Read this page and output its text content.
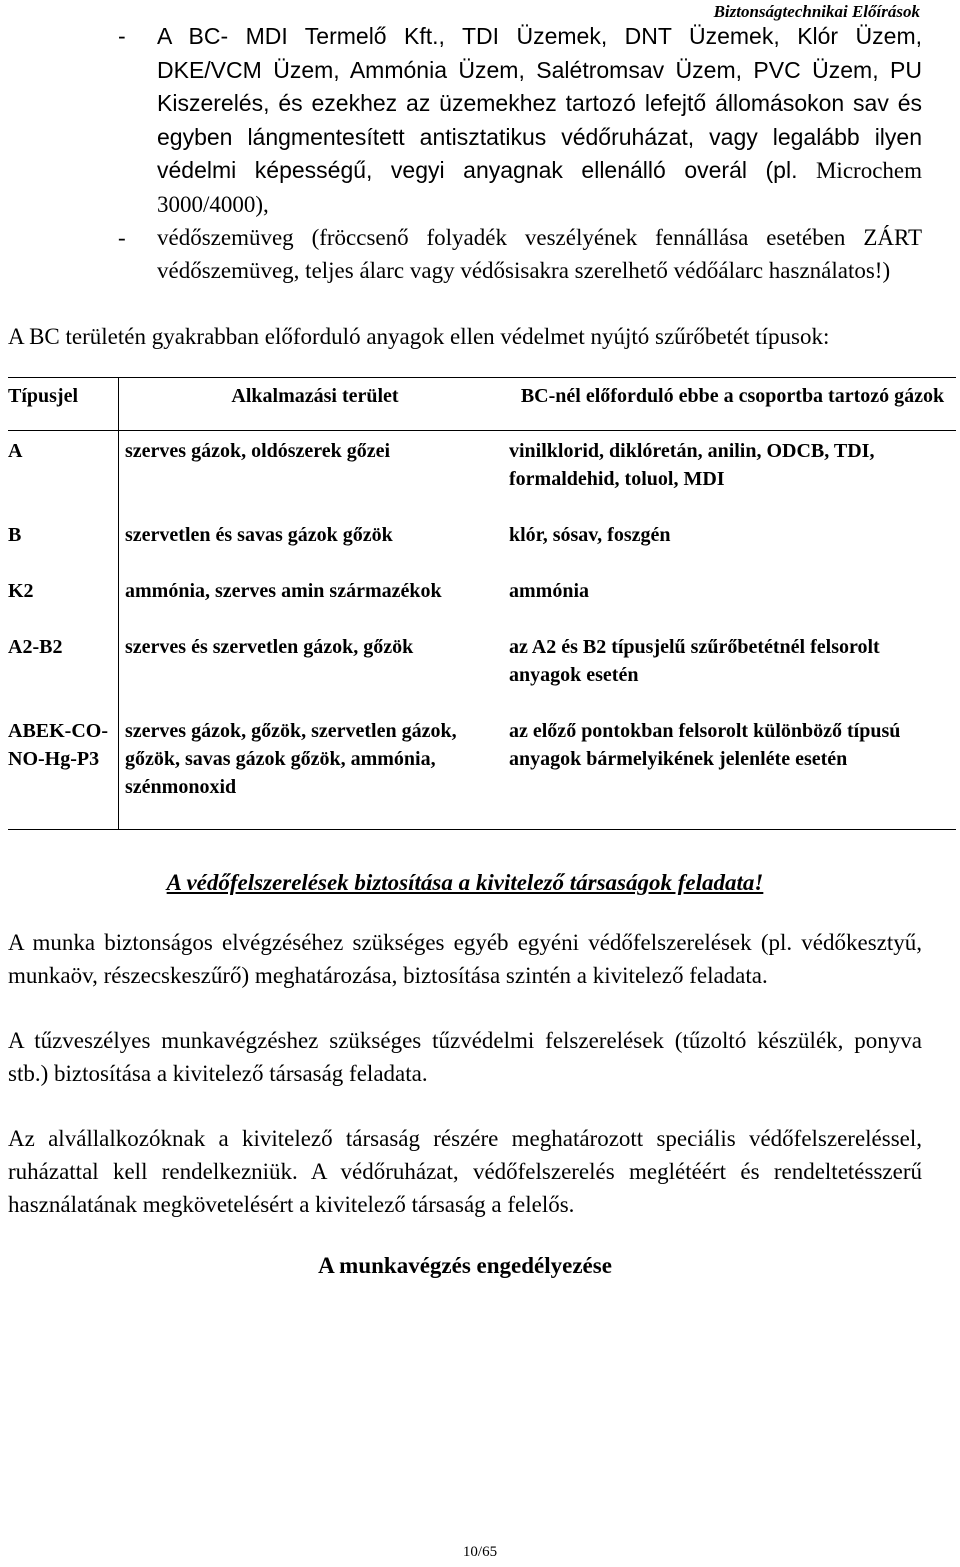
Biztonságtechnikai Előírások
- A BC- MDI Termelő Kft., TDI Üzemek, DNT Üzemek, Klór Üzem, DKE/VCM Üzem, Ammónia Üzem, Salétromsav Üzem, PVC Üzem, PU Kiszerelés, és ezekhez az üzemekhez tartozó lefejtő állomásokon sav és egyben lángmentesített antisztatikus védőruházat, vagy legalább ilyen védelmi képességű, vegyi anyagnak ellenálló overál (pl. Microchem 3000/4000),
- védőszemüveg (fröccsenő folyadék veszélyének fennállása esetében ZÁRT védőszemüveg, teljes álarc vagy védősisakra szerelhető védőálarc használatos!)

A BC területén gyakrabban előforduló anyagok ellen védelmet nyújtó szűrőbetét típusok:

Típusjel	Alkalmazási terület	BC-nél előforduló ebbe a csoportba tartozó gázok
A	szerves gázok, oldószerek gőzei	vinilklorid, diklóretán, anilin, ODCB, TDI, formaldehid, toluol, MDI
B	szervetlen és savas gázok gőzök	klór, sósav, foszgén
K2	ammónia, szerves amin származékok	ammónia
A2-B2	szerves és szervetlen gázok, gőzök	az A2 és B2 típusjelű szűrőbetétnél felsorolt anyagok esetén
ABEK-CO-NO-Hg-P3	szerves gázok, gőzök, szervetlen gázok, gőzök, savas gázok gőzök, ammónia, szénmonoxid	az előző pontokban felsorolt különböző típusú anyagok bármelyikének jelenléte esetén
A védőfelszerelések biztosítása a kivitelező társaságok feladata!

A munka biztonságos elvégzéséhez szükséges egyéb egyéni védőfelszerelések (pl. védőkesztyű, munkaöv, részecskeszűrő) meghatározása, biztosítása szintén a kivitelező feladata.

A tűzveszélyes munkavégzéshez szükséges tűzvédelmi felszerelések (tűzoltó készülék, ponyva stb.) biztosítása a kivitelező társaság feladata.

Az alvállalkozóknak a kivitelező társaság részére meghatározott speciális védőfelszereléssel, ruházattal kell rendelkezniük. A védőruházat, védőfelszerelés meglétéért és rendeltetésszerű használatának megkövetelésért a kivitelező társaság a felelős.

A munkavégzés engedélyezése
10/65
